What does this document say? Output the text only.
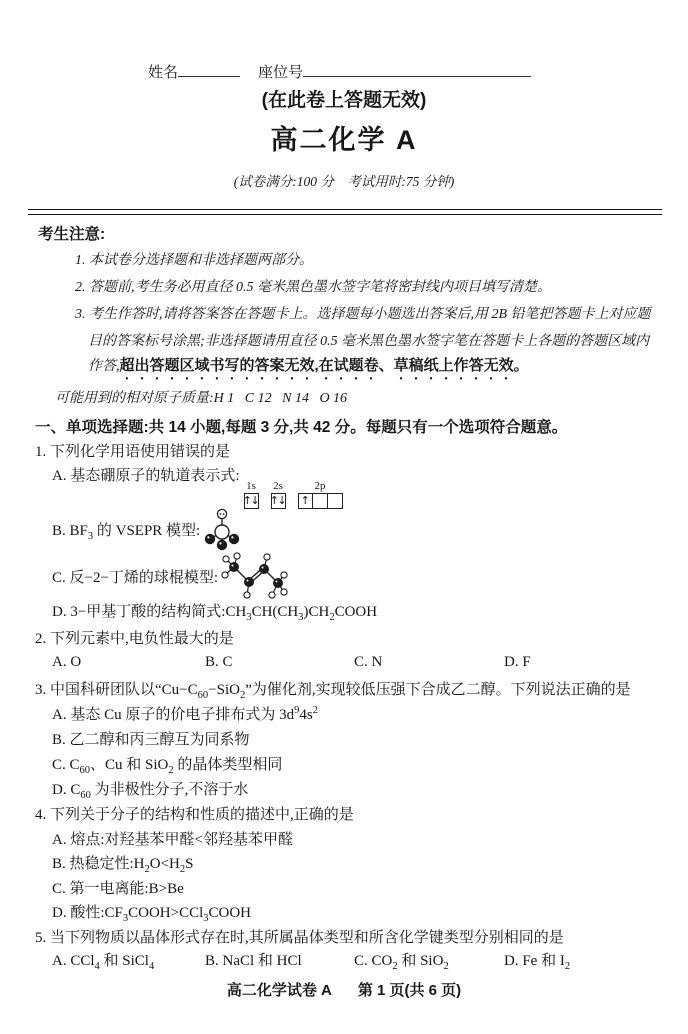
姓名	座位号
(在此卷上答题无效)
高二化学 A
(试卷满分:100 分    考试用时:75 分钟)
考生注意:
1. 本试卷分选择题和非选择题两部分。
2. 答题前,考生务必用直径 0.5 毫米黑色墨水签字笔将密封线内项目填写清楚。
3. 考生作答时,请将答案答在答题卡上。选择题每小题选出答案后,用 2B 铅笔把答题卡上对应题
目的答案标号涂黑;非选择题请用直径 0.5 毫米黑色墨水签字笔在答题卡上各题的答题区域内
作答,超出答题区域书写的答案无效,在试题卷、草稿纸上作答无效。
可能用到的相对原子质量:H 1   C 12   N 14   O 16
一、单项选择题:共 14 小题,每题 3 分,共 42 分。每题只有一个选项符合题意。
1. 下列化学用语使用错误的是
A. 基态硼原子的轨道表示式:
1s
↑↓
2s
↑↓
2p
↑
B. $BF_3$ 的 VSEPR 模型:
C. 反−2−丁烯的球棍模型:
D. 3−甲基丁酸的结构简式$:CH_3CH(CH_3)CH_2COOH$
2. 下列元素中,电负性最大的是
A. O	B. C	C. N	D. F
3. 中国科研团队以“$Cu-C_{60}-SiO_2$”为催化剂,实现较低压强下合成乙二醇。下列说法正确的是
A. 基态 Cu 原子的价电子排布式为 $3d^94s^2$
B. 乙二醇和丙三醇互为同系物
C. $C_{60}$、Cu 和 SiO$_2$ 的晶体类型相同
D. $C_{60}$ 为非极性分子,不溶于水
4. 下列关于分子的结构和性质的描述中,正确的是
A. 熔点:对羟基苯甲醛<邻羟基苯甲醛
B. 热稳定性$:H_2O<H_2S$
C. 第一电离能:B>Be
D. 酸性$:CF_3COOH>CCl_3COOH$
5. 当下列物质以晶体形式存在时,其所属晶体类型和所含化学键类型分别相同的是
A. CCl$_4$ 和 SiCl$_4$	B. NaCl 和 HCl	C. $CO_2$ 和 SiO$_2$	D. Fe 和 $I_2$
高二化学试卷 A 第 1 页(共 6 页)
